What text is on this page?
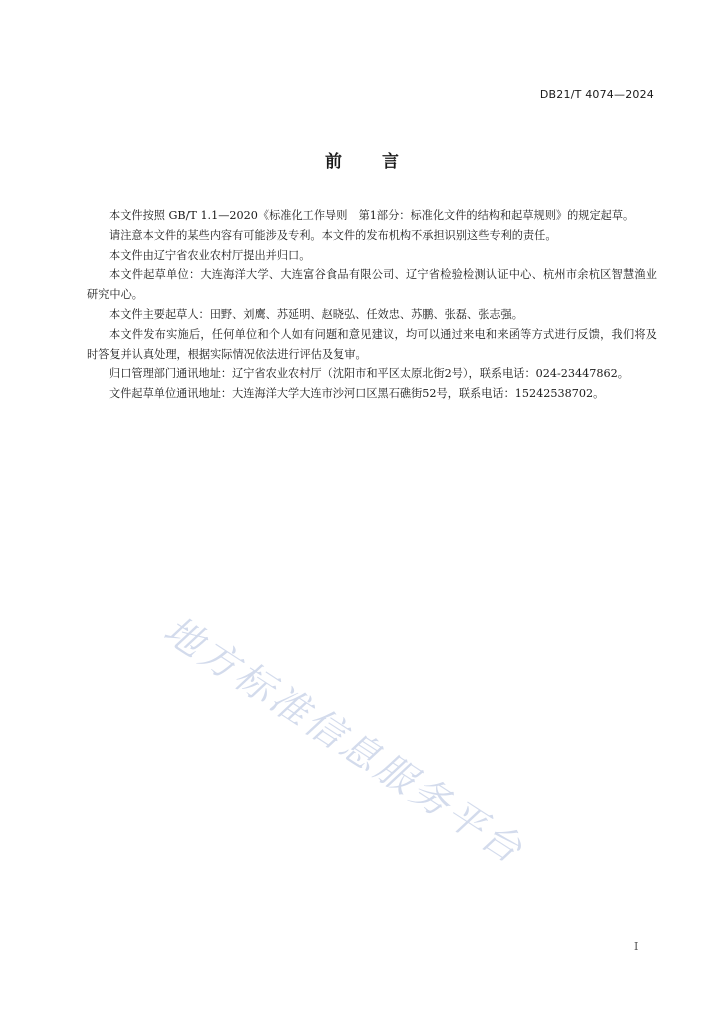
DB21/T 4074—2024
前 言

本文件按照 GB/T 1.1—2020《标准化工作导则　第1部分：标准化文件的结构和起草规则》的规定起草。

请注意本文件的某些内容有可能涉及专利。本文件的发布机构不承担识别这些专利的责任。

本文件由辽宁省农业农村厅提出并归口。

本文件起草单位：大连海洋大学、大连富谷食品有限公司、辽宁省检验检测认证中心、杭州市余杭区智慧渔业研究中心。

本文件主要起草人：田野、刘鹰、苏延明、赵晓弘、任效忠、苏鹏、张磊、张志强。

本文件发布实施后，任何单位和个人如有问题和意见建议，均可以通过来电和来函等方式进行反馈，我们将及时答复并认真处理，根据实际情况依法进行评估及复审。

归口管理部门通讯地址：辽宁省农业农村厅（沈阳市和平区太原北街2号），联系电话：024-23447862。

文件起草单位通讯地址：大连海洋大学大连市沙河口区黑石礁街52号，联系电话：15242538702。

地方标准信息服务平台
I
